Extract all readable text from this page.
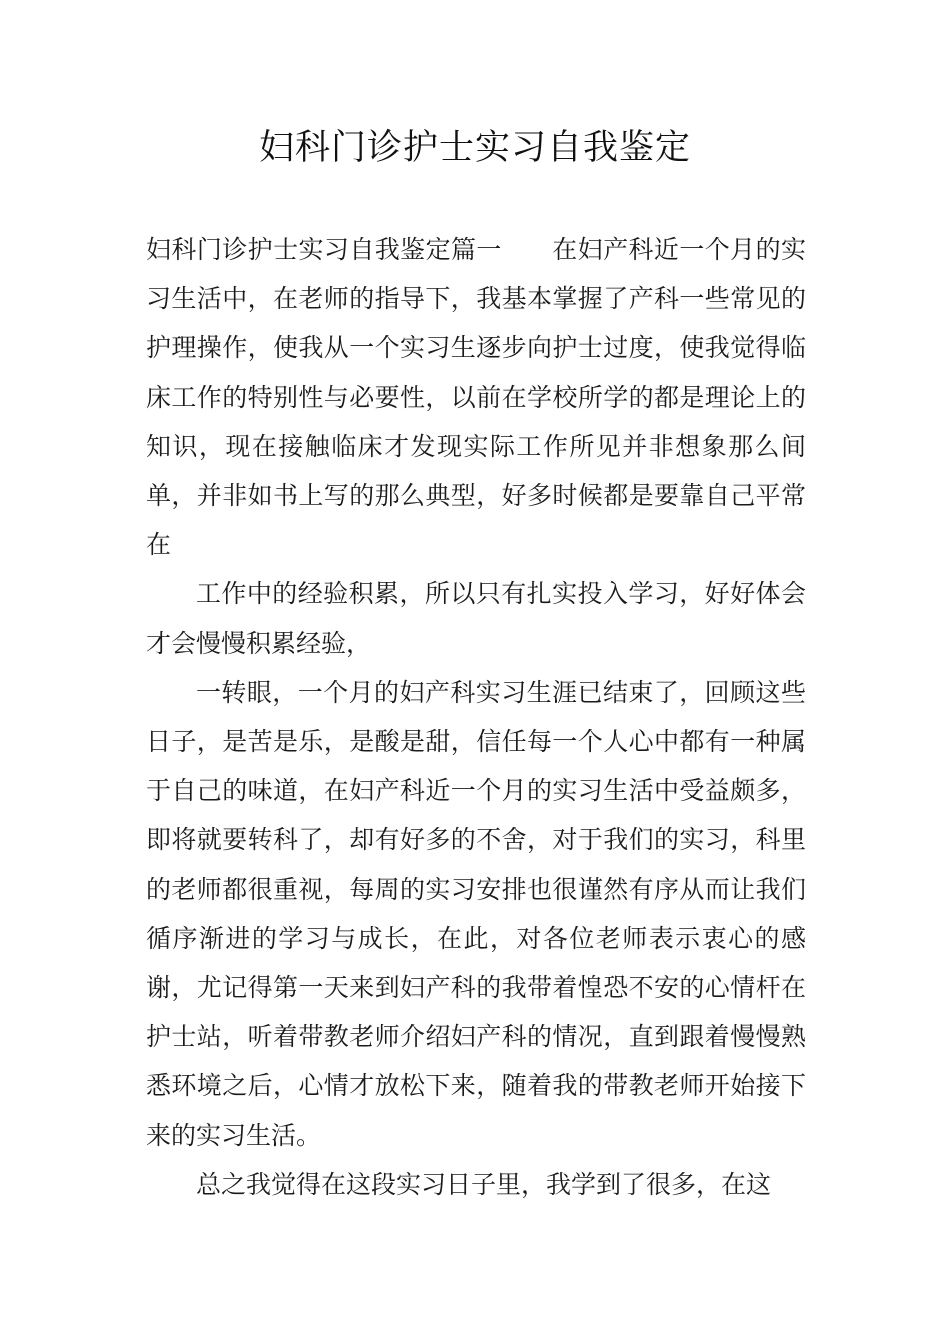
妇科门诊护士实习自我鉴定

妇科门诊护士实习自我鉴定篇一 在妇产科近一个月的实习生活中，在老师的指导下，我基本掌握了产科一些常见的护理操作，使我从一个实习生逐步向护士过度，使我觉得临床工作的特别性与必要性，以前在学校所学的都是理论上的知识，现在接触临床才发现实际工作所见并非想象那么间单，并非如书上写的那么典型，好多时候都是要靠自己平常在

工作中的经验积累，所以只有扎实投入学习，好好体会才会慢慢积累经验，

一转眼，一个月的妇产科实习生涯已结束了，回顾这些日子，是苦是乐，是酸是甜，信任每一个人心中都有一种属于自己的味道，在妇产科近一个月的实习生活中受益颇多，即将就要转科了，却有好多的不舍，对于我们的实习，科里的老师都很重视，每周的实习安排也很谨然有序从而让我们循序渐进的学习与成长，在此，对各位老师表示衷心的感谢，尤记得第一天来到妇产科的我带着惶恐不安的心情杆在护士站，听着带教老师介绍妇产科的情况，直到跟着慢慢熟悉环境之后，心情才放松下来，随着我的带教老师开始接下来的实习生活。

总之我觉得在这段实习日子里，我学到了很多，在这
